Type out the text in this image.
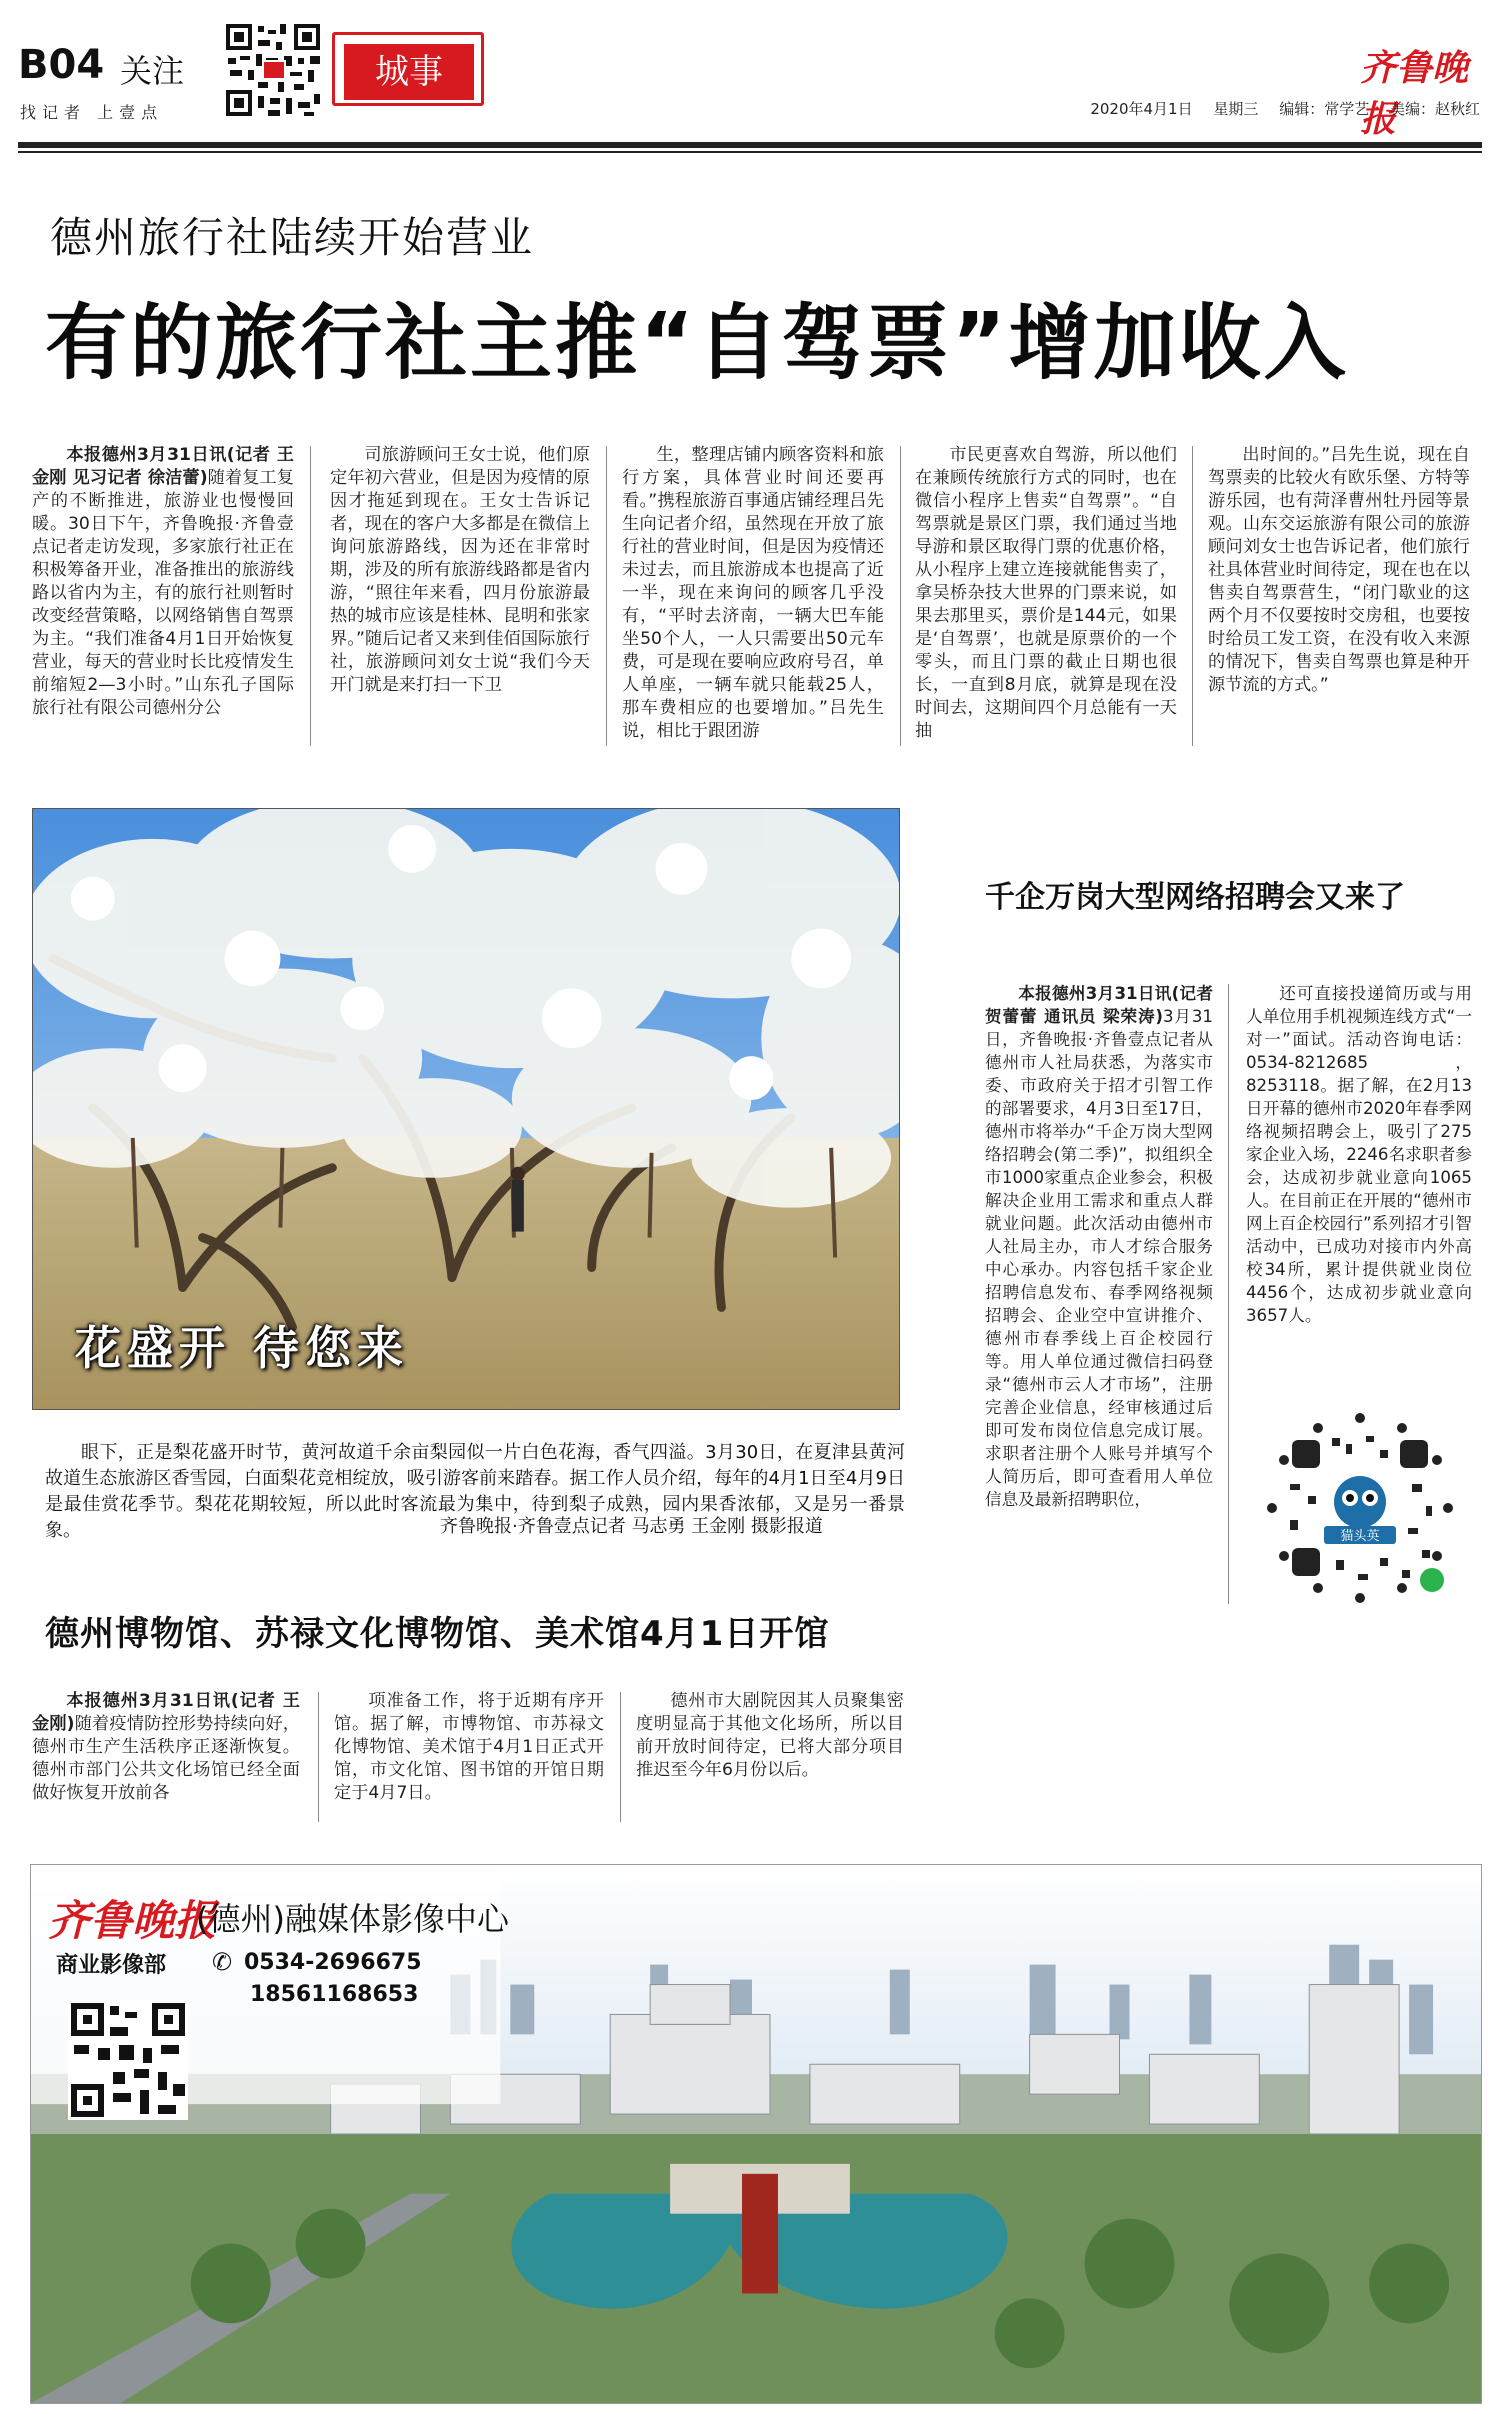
B04 关注
找记者 上壹点
城事	齐鲁晚报
2020年4月1日 星期三 编辑：常学艺 美编：赵秋红
德州旅行社陆续开始营业
有的旅行社主推“自驾票”增加收入

本报德州3月31日讯(记者 王金刚 见习记者 徐洁蕾)随着复工复产的不断推进，旅游业也慢慢回暖。30日下午，齐鲁晚报·齐鲁壹点记者走访发现，多家旅行社正在积极筹备开业，准备推出的旅游线路以省内为主，有的旅行社则暂时改变经营策略，以网络销售自驾票为主。“我们准备4月1日开始恢复营业，每天的营业时长比疫情发生前缩短2—3小时。”山东孔子国际旅行社有限公司德州分公

司旅游顾问王女士说，他们原定年初六营业，但是因为疫情的原因才拖延到现在。王女士告诉记者，现在的客户大多都是在微信上询问旅游路线，因为还在非常时期，涉及的所有旅游线路都是省内游，“照往年来看，四月份旅游最热的城市应该是桂林、昆明和张家界。”随后记者又来到佳佰国际旅行社，旅游顾问刘女士说“我们今天开门就是来打扫一下卫

生，整理店铺内顾客资料和旅行方案，具体营业时间还要再看。”携程旅游百事通店铺经理吕先生向记者介绍，虽然现在开放了旅行社的营业时间，但是因为疫情还未过去，而且旅游成本也提高了近一半，现在来询问的顾客几乎没有，“平时去济南，一辆大巴车能坐50个人，一人只需要出50元车费，可是现在要响应政府号召，单人单座，一辆车就只能载25人，那车费相应的也要增加。”吕先生说，相比于跟团游

市民更喜欢自驾游，所以他们在兼顾传统旅行方式的同时，也在微信小程序上售卖“自驾票”。“自驾票就是景区门票，我们通过当地导游和景区取得门票的优惠价格，从小程序上建立连接就能售卖了，拿吴桥杂技大世界的门票来说，如果去那里买，票价是144元，如果是‘自驾票’，也就是原票价的一个零头，而且门票的截止日期也很长，一直到8月底，就算是现在没时间去，这期间四个月总能有一天抽

出时间的。”吕先生说，现在自驾票卖的比较火有欧乐堡、方特等游乐园，也有菏泽曹州牡丹园等景观。山东交运旅游有限公司的旅游顾问刘女士也告诉记者，他们旅行社具体营业时间待定，现在也在以售卖自驾票营生，“闭门歇业的这两个月不仅要按时交房租，也要按时给员工发工资，在没有收入来源的情况下，售卖自驾票也算是种开源节流的方式。”

花盛开 待您来

眼下，正是梨花盛开时节，黄河故道千余亩梨园似一片白色花海，香气四溢。3月30日，在夏津县黄河故道生态旅游区香雪园，白面梨花竞相绽放，吸引游客前来踏春。据工作人员介绍，每年的4月1日至4月9日是最佳赏花季节。梨花花期较短，所以此时客流最为集中，待到梨子成熟，园内果香浓郁，又是另一番景象。	齐鲁晚报·齐鲁壹点记者 马志勇 王金刚 摄影报道
千企万岗大型网络招聘会又来了

本报德州3月31日讯(记者 贺蕾蕾 通讯员 梁荣涛)3月31日，齐鲁晚报·齐鲁壹点记者从德州市人社局获悉，为落实市委、市政府关于招才引智工作的部署要求，4月3日至17日，德州市将举办“千企万岗大型网络招聘会(第二季)”，拟组织全市1000家重点企业参会，积极解决企业用工需求和重点人群就业问题。此次活动由德州市人社局主办，市人才综合服务中心承办。内容包括千家企业招聘信息发布、春季网络视频招聘会、企业空中宣讲推介、德州市春季线上百企校园行等。用人单位通过微信扫码登录“德州市云人才市场”，注册完善企业信息，经审核通过后即可发布岗位信息完成订展。求职者注册个人账号并填写个人简历后，即可查看用人单位信息及最新招聘职位，

还可直接投递简历或与用人单位用手机视频连线方式“一对一”面试。活动咨询电话：0534-8212685，8253118。据了解，在2月13日开幕的德州市2020年春季网络视频招聘会上，吸引了275家企业入场，2246名求职者参会，达成初步就业意向1065人。在目前正在开展的“德州市网上百企校园行”系列招才引智活动中，已成功对接市内外高校34所，累计提供就业岗位4456个，达成初步就业意向3657人。

猫头英
德州博物馆、苏禄文化博物馆、美术馆4月1日开馆

本报德州3月31日讯(记者 王金刚)随着疫情防控形势持续向好，德州市生产生活秩序正逐渐恢复。德州市部门公共文化场馆已经全面做好恢复开放前各

项准备工作，将于近期有序开馆。据了解，市博物馆、市苏禄文化博物馆、美术馆于4月1日正式开馆，市文化馆、图书馆的开馆日期定于4月7日。

德州市大剧院因其人员聚集密度明显高于其他文化场所，所以目前开放时间待定，已将大部分项目推迟至今年6月份以后。

齐鲁晚报
(德州)融媒体影像中心
商业影像部 ✆ 0534-2696675
18561168653
